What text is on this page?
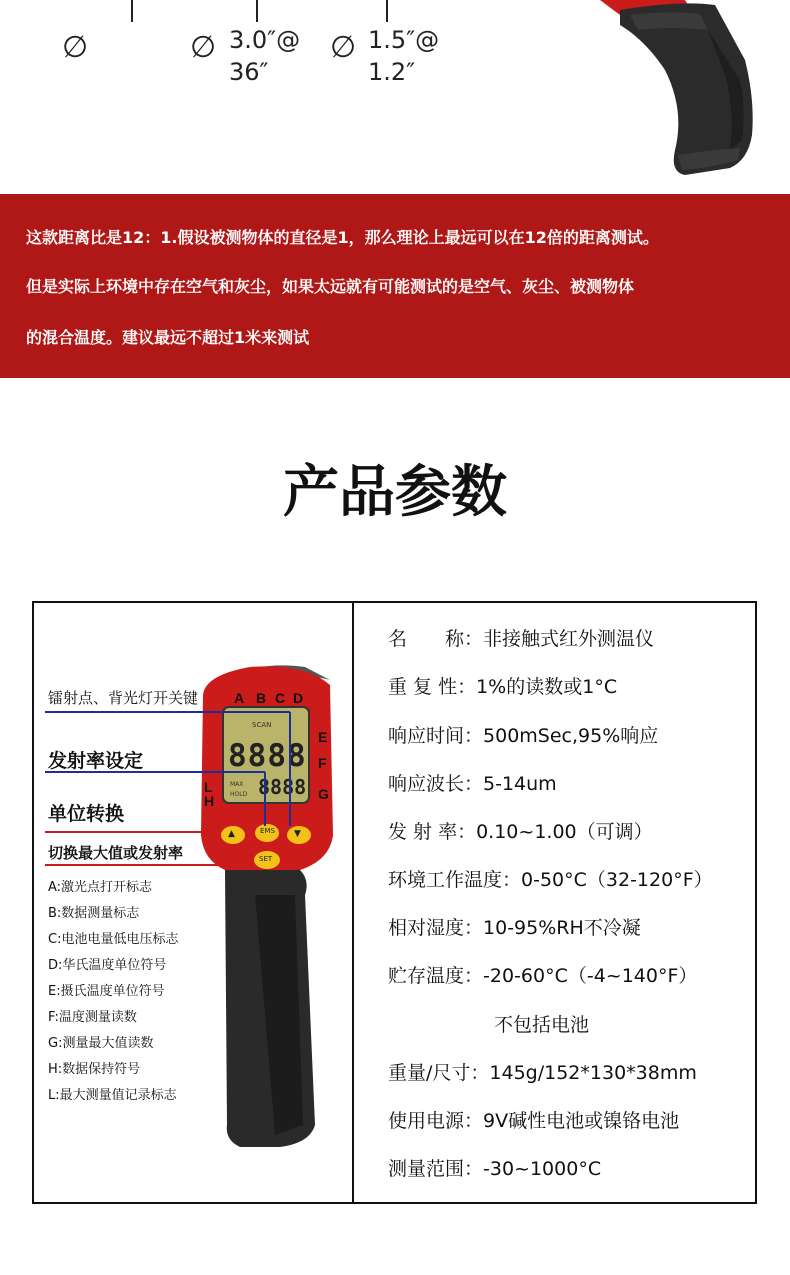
∅	∅ 3.0″@
36″
∅ 1.5″@
1.2″
这款距离比是12：1.假设被测物体的直径是1，那么理论上最远可以在12倍的距离测试。
但是实际上环境中存在空气和灰尘，如果太远就有可能测试的是空气、灰尘、被测物体
的混合温度。建议最远不超过1米来测试
产品参数
SCAN
8888
8888
MAX
HOLD
▲	EMS ▼
SET
A B C D
E
F
G
L
H
镭射点、背光灯开关键
发射率设定
单位转换
切换最大值或发射率
A:激光点打开标志
B:数据测量标志
C:电池电量低电压标志
D:华氏温度单位符号
E:摄氏温度单位符号
F:温度测量读数
G:测量最大值读数
H:数据保持符号
L:最大测量值记录标志
名　　称：非接触式红外测温仪
重 复 性：1%的读数或1°C
响应时间：500mSec,95%响应
响应波长：5-14um
发 射 率：0.10~1.00（可调）
环境工作温度：0-50°C（32-120°F）
相对湿度：10-95%RH不冷凝
贮存温度：-20-60°C（-4~140°F）
不包括电池
重量/尺寸：145g/152*130*38mm
使用电源：9V碱性电池或镍铬电池
测量范围：-30~1000°C
